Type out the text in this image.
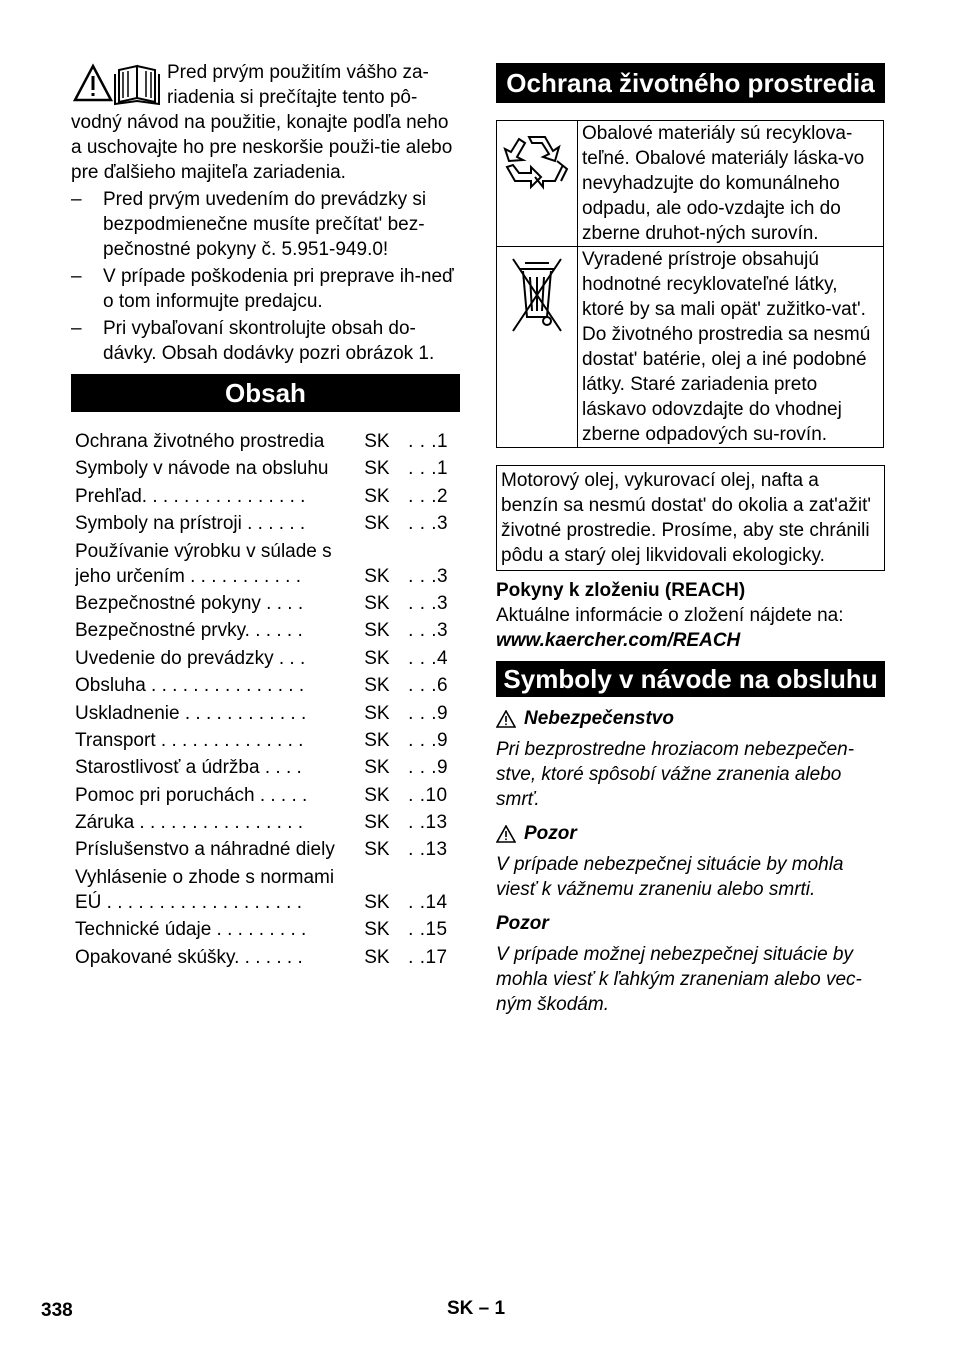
Pred prvým použitím vášho za-riadenia si prečítajte tento pô-vodný návod na použitie, konajte podľa neho a uschovajte ho pre neskoršie použi-tie alebo pre ďalšieho majiteľa zariadenia.

– Pred prvým uvedením do prevádzky si bezpodmienečne musíte prečítat' bez-pečnostné pokyny č. 5.951-949.0!
– V prípade poškodenia pri preprave ih-neď o tom informujte predajcu.
– Pri vybaľovaní skontrolujte obsah do-dávky. Obsah dodávky pozri obrázok 1.
Obsah
Ochrana životného prostredia	SK . . .1
Symboly v návode na obsluhu	SK . . .1
Prehľad. . . . . . . . . . . . . . . .	SK . . .2
Symboly na prístroji . . . . . .	SK . . .3
Používanie výrobku v súlade s jeho určením . . . . . . . . . . .	SK . . .3
Bezpečnostné pokyny . . . .	SK . . .3
Bezpečnostné prvky. . . . . .	SK . . .3
Uvedenie do prevádzky . . .	SK . . .4
Obsluha . . . . . . . . . . . . . . .	SK . . .6
Uskladnenie . . . . . . . . . . . .	SK . . .9
Transport . . . . . . . . . . . . . .	SK . . .9
Starostlivosť a údržba . . . .	SK . . .9
Pomoc pri poruchách . . . . .	SK . .10
Záruka . . . . . . . . . . . . . . . .	SK . .13
Príslušenstvo a náhradné diely	SK . .13
Vyhlásenie o zhode s normami EÚ . . . . . . . . . . . . . . . . . . .	SK . .14
Technické údaje . . . . . . . . .	SK . .15
Opakované skúšky. . . . . . .	SK . .17
Ochrana životného prostredia
	Obalové materiály sú recyklova-teľné. Obalové materiály láska-vo nevyhadzujte do komunálneho odpadu, ale odo-vzdajte ich do zberne druhot-ných surovín.
	Vyradené prístroje obsahujú hodnotné recyklovateľné látky, ktoré by sa mali opät' zužitko-vat'. Do životného prostredia sa nesmú dostat' batérie, olej a iné podobné látky. Staré zariadenia preto láskavo odovzdajte do vhodnej zberne odpadových su-rovín.
Motorový olej, vykurovací olej, nafta a benzín sa nesmú dostat' do okolia a zat'ažit' životné prostredie. Prosíme, aby ste chránili pôdu a starý olej likvidovali ekologicky.

Pokyny k zloženiu (REACH)

Aktuálne informácie o zložení nájdete na:

www.kaercher.com/REACH

Symboly v návode na obsluhu
Nebezpečenstvo

Pri bezprostredne hroziacom nebezpečen-stve, ktoré spôsobí vážne zranenia alebo smrť.

Pozor

V prípade nebezpečnej situácie by mohla viesť k vážnemu zraneniu alebo smrti.

Pozor

V prípade možnej nebezpečnej situácie by mohla viesť k ľahkým zraneniam alebo vec-ným škodám.

338	SK – 1
